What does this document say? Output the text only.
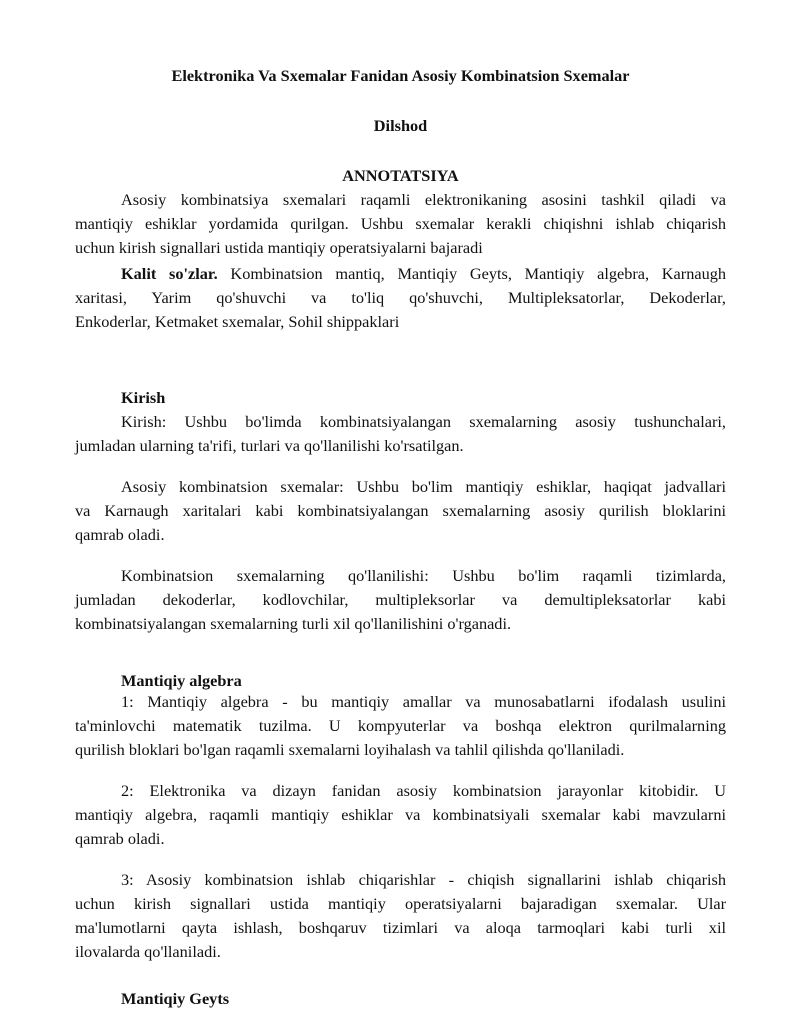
Elektronika Va Sxemalar Fanidan Asosiy Kombinatsion Sxemalar
Dilshod
ANNOTATSIYA
Asosiy kombinatsiya sxemalari raqamli elektronikaning asosini tashkil qiladi va
mantiqiy eshiklar yordamida qurilgan. Ushbu sxemalar kerakli chiqishni ishlab chiqarish
uchun kirish signallari ustida mantiqiy operatsiyalarni bajaradi
Kalit so'zlar. Kombinatsion mantiq, Mantiqiy Geyts, Mantiqiy algebra, Karnaugh
xaritasi, Yarim qo'shuvchi va to'liq qo'shuvchi, Multipleksatorlar, Dekoderlar,
Enkoderlar, Ketmaket sxemalar, Sohil shippaklari
Kirish
Kirish: Ushbu bo'limda kombinatsiyalangan sxemalarning asosiy tushunchalari,
jumladan ularning ta'rifi, turlari va qo'llanilishi ko'rsatilgan.
Asosiy kombinatsion sxemalar: Ushbu bo'lim mantiqiy eshiklar, haqiqat jadvallari
va Karnaugh xaritalari kabi kombinatsiyalangan sxemalarning asosiy qurilish bloklarini
qamrab oladi.
Kombinatsion sxemalarning qo'llanilishi: Ushbu bo'lim raqamli tizimlarda,
jumladan dekoderlar, kodlovchilar, multipleksorlar va demultipleksatorlar kabi
kombinatsiyalangan sxemalarning turli xil qo'llanilishini o'rganadi.
Mantiqiy algebra
1: Mantiqiy algebra - bu mantiqiy amallar va munosabatlarni ifodalash usulini
ta'minlovchi matematik tuzilma. U kompyuterlar va boshqa elektron qurilmalarning
qurilish bloklari bo'lgan raqamli sxemalarni loyihalash va tahlil qilishda qo'llaniladi.
2: Elektronika va dizayn fanidan asosiy kombinatsion jarayonlar kitobidir. U
mantiqiy algebra, raqamli mantiqiy eshiklar va kombinatsiyali sxemalar kabi mavzularni
qamrab oladi.
3: Asosiy kombinatsion ishlab chiqarishlar - chiqish signallarini ishlab chiqarish
uchun kirish signallari ustida mantiqiy operatsiyalarni bajaradigan sxemalar. Ular
ma'lumotlarni qayta ishlash, boshqaruv tizimlari va aloqa tarmoqlari kabi turli xil
ilovalarda qo'llaniladi.
Mantiqiy Geyts
